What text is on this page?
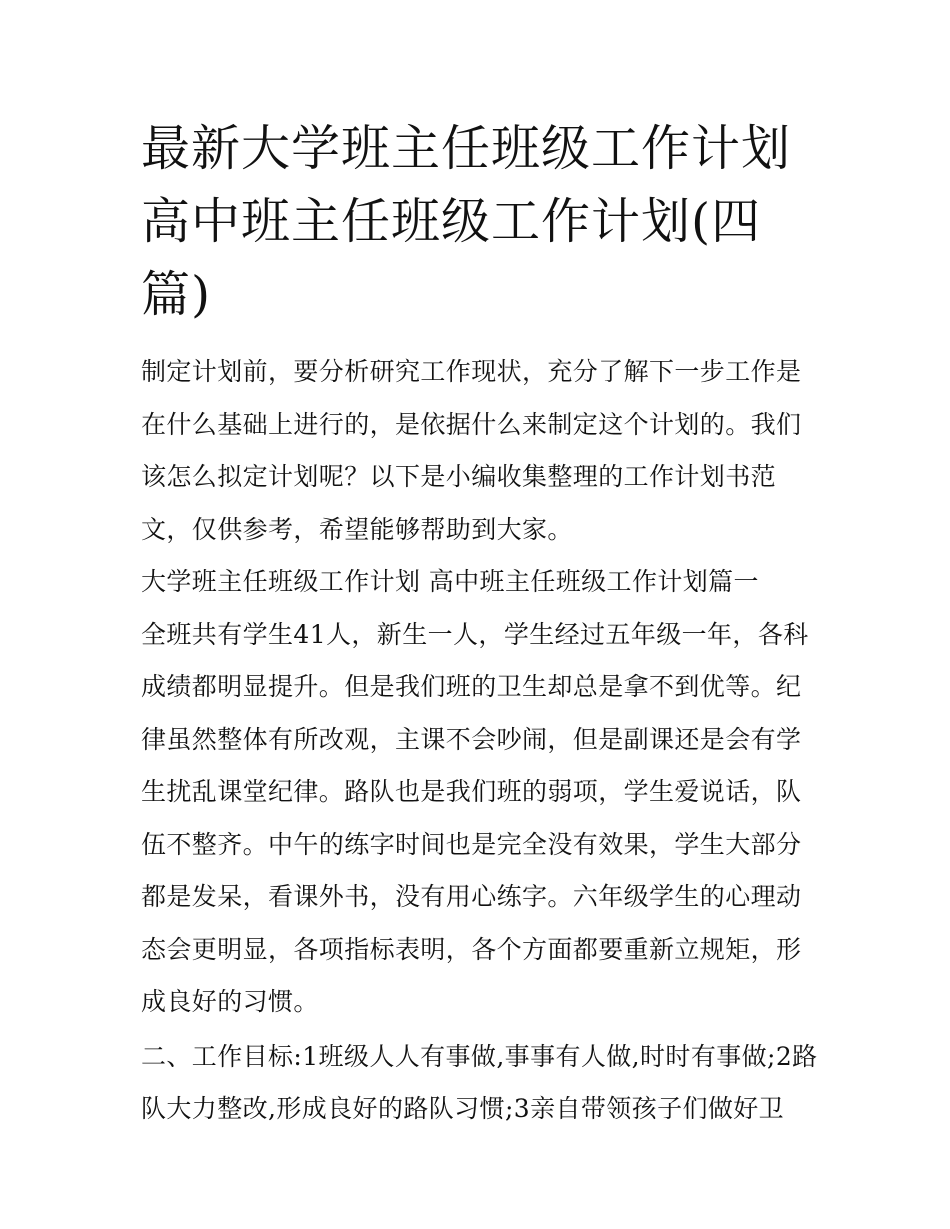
最新大学班主任班级工作计划 高中班主任班级工作计划(四篇)

制定计划前，要分析研究工作现状，充分了解下一步工作是在什么基础上进行的，是依据什么来制定这个计划的。我们该怎么拟定计划呢？以下是小编收集整理的工作计划书范文，仅供参考，希望能够帮助到大家。

大学班主任班级工作计划 高中班主任班级工作计划篇一

全班共有学生41人，新生一人，学生经过五年级一年，各科成绩都明显提升。但是我们班的卫生却总是拿不到优等。纪律虽然整体有所改观，主课不会吵闹，但是副课还是会有学生扰乱课堂纪律。路队也是我们班的弱项，学生爱说话，队伍不整齐。中午的练字时间也是完全没有效果，学生大部分都是发呆，看课外书，没有用心练字。六年级学生的心理动态会更明显，各项指标表明，各个方面都要重新立规矩，形成良好的习惯。

二、工作目标:1班级人人有事做,事事有人做,时时有事做;2路队大力整改,形成良好的路队习惯;3亲自带领孩子们做好卫
